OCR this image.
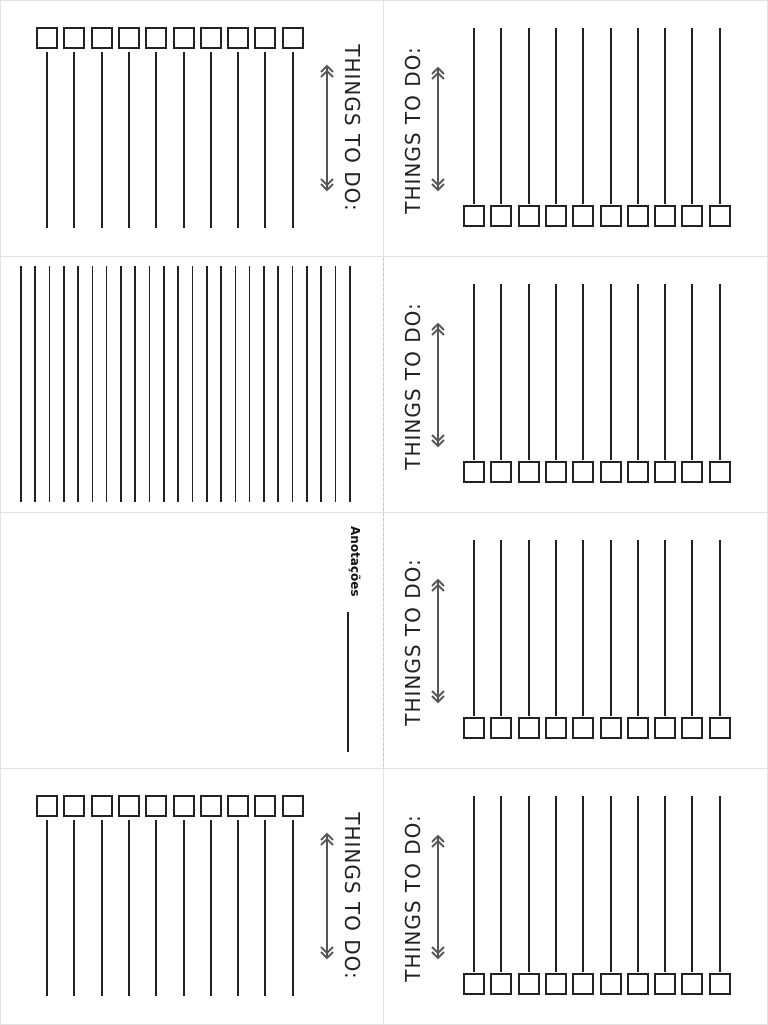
THINGS TO DO: THINGS TO DO:
THINGS TO DO:
Anotações THINGS TO DO:
THINGS TO DO: THINGS TO DO:
